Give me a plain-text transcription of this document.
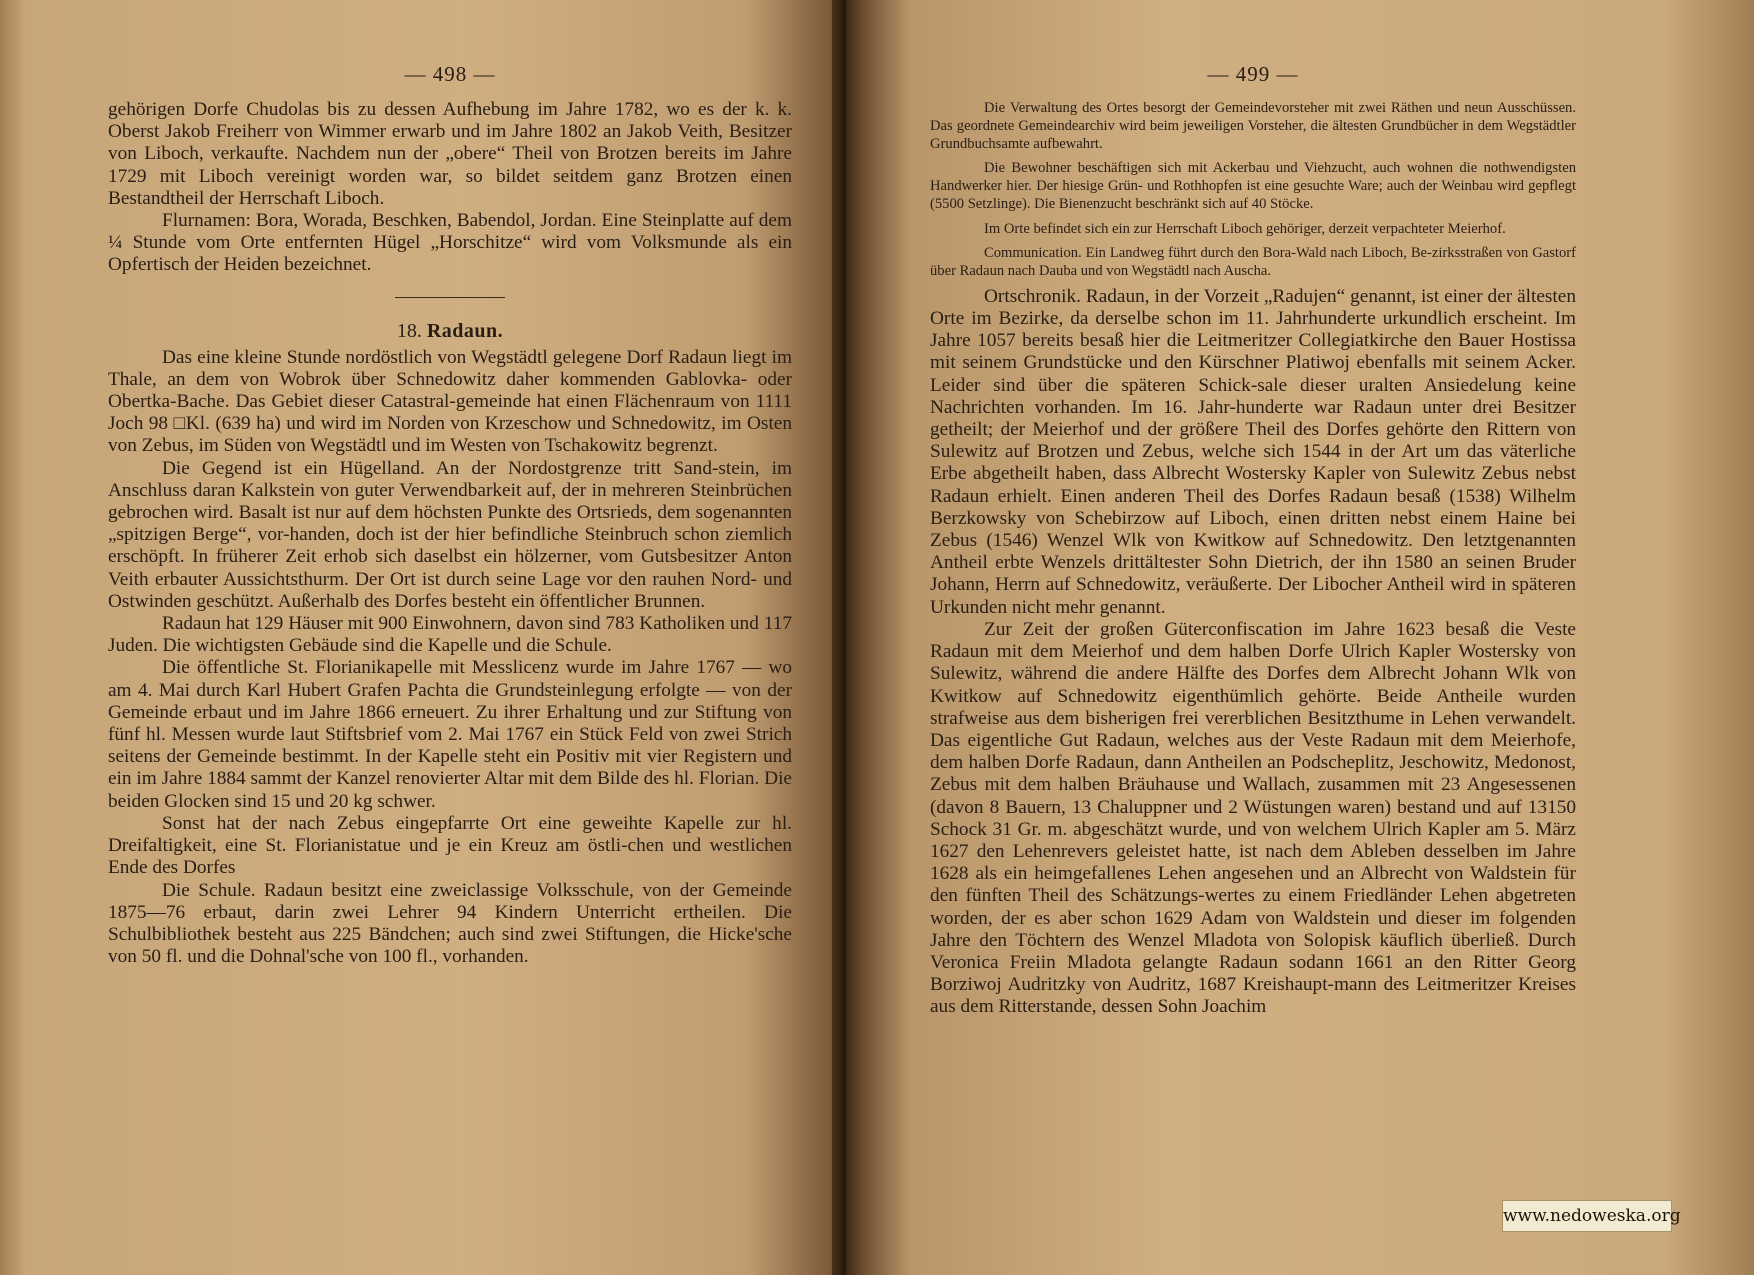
— 498 —

gehörigen Dorfe Chudolas bis zu dessen Aufhebung im Jahre 1782, wo es der k. k. Oberst Jakob Freiherr von Wimmer erwarb und im Jahre 1802 an Jakob Veith, Besitzer von Liboch, verkaufte. Nachdem nun der „obere“ Theil von Brotzen bereits im Jahre 1729 mit Liboch vereinigt worden war, so bildet seitdem ganz Brotzen einen Bestandtheil der Herrschaft Liboch.

Flurnamen: Bora, Worada, Beschken, Babendol, Jordan. Eine Steinplatte auf dem ¼ Stunde vom Orte entfernten Hügel „Horschitze“ wird vom Volksmunde als ein Opfertisch der Heiden bezeichnet.

18. Radaun.

Das eine kleine Stunde nordöstlich von Wegstädtl gelegene Dorf Radaun liegt im Thale, an dem von Wobrok über Schnedowitz daher kommenden Gablovka- oder Obertka-Bache. Das Gebiet dieser Catastral-gemeinde hat einen Flächenraum von 1111 Joch 98 □Kl. (639 ha) und wird im Norden von Krzeschow und Schnedowitz, im Osten von Zebus, im Süden von Wegstädtl und im Westen von Tschakowitz begrenzt.

Die Gegend ist ein Hügelland. An der Nordostgrenze tritt Sand-stein, im Anschluss daran Kalkstein von guter Verwendbarkeit auf, der in mehreren Steinbrüchen gebrochen wird. Basalt ist nur auf dem höchsten Punkte des Ortsrieds, dem sogenannten „spitzigen Berge“, vor-handen, doch ist der hier befindliche Steinbruch schon ziemlich erschöpft. In früherer Zeit erhob sich daselbst ein hölzerner, vom Gutsbesitzer Anton Veith erbauter Aussichtsthurm. Der Ort ist durch seine Lage vor den rauhen Nord- und Ostwinden geschützt. Außerhalb des Dorfes besteht ein öffentlicher Brunnen.

Radaun hat 129 Häuser mit 900 Einwohnern, davon sind 783 Katholiken und 117 Juden. Die wichtigsten Gebäude sind die Kapelle und die Schule.

Die öffentliche St. Florianikapelle mit Messlicenz wurde im Jahre 1767 — wo am 4. Mai durch Karl Hubert Grafen Pachta die Grundsteinlegung erfolgte — von der Gemeinde erbaut und im Jahre 1866 erneuert. Zu ihrer Erhaltung und zur Stiftung von fünf hl. Messen wurde laut Stiftsbrief vom 2. Mai 1767 ein Stück Feld von zwei Strich seitens der Gemeinde bestimmt. In der Kapelle steht ein Positiv mit vier Registern und ein im Jahre 1884 sammt der Kanzel renovierter Altar mit dem Bilde des hl. Florian. Die beiden Glocken sind 15 und 20 kg schwer.

Sonst hat der nach Zebus eingepfarrte Ort eine geweihte Kapelle zur hl. Dreifaltigkeit, eine St. Florianistatue und je ein Kreuz am östli-chen und westlichen Ende des Dorfes

Die Schule. Radaun besitzt eine zweiclassige Volksschule, von der Gemeinde 1875—76 erbaut, darin zwei Lehrer 94 Kindern Unterricht ertheilen. Die Schulbibliothek besteht aus 225 Bändchen; auch sind zwei Stiftungen, die Hicke'sche von 50 fl. und die Dohnal'sche von 100 fl., vorhanden.

— 499 —

Die Verwaltung des Ortes besorgt der Gemeindevorsteher mit zwei Räthen und neun Ausschüssen. Das geordnete Gemeindearchiv wird beim jeweiligen Vorsteher, die ältesten Grundbücher in dem Wegstädtler Grundbuchsamte aufbewahrt.

Die Bewohner beschäftigen sich mit Ackerbau und Viehzucht, auch wohnen die nothwendigsten Handwerker hier. Der hiesige Grün- und Rothhopfen ist eine gesuchte Ware; auch der Weinbau wird gepflegt (5500 Setzlinge). Die Bienenzucht beschränkt sich auf 40 Stöcke.

Im Orte befindet sich ein zur Herrschaft Liboch gehöriger, derzeit verpachteter Meierhof.

Communication. Ein Landweg führt durch den Bora-Wald nach Liboch, Be-zirksstraßen von Gastorf über Radaun nach Dauba und von Wegstädtl nach Auscha.

Ortschronik. Radaun, in der Vorzeit „Radujen“ genannt, ist einer der ältesten Orte im Bezirke, da derselbe schon im 11. Jahrhunderte urkundlich erscheint. Im Jahre 1057 bereits besaß hier die Leitmeritzer Collegiatkirche den Bauer Hostissa mit seinem Grundstücke und den Kürschner Platiwoj ebenfalls mit seinem Acker. Leider sind über die späteren Schick-sale dieser uralten Ansiedelung keine Nachrichten vorhanden. Im 16. Jahr-hunderte war Radaun unter drei Besitzer getheilt; der Meierhof und der größere Theil des Dorfes gehörte den Rittern von Sulewitz auf Brotzen und Zebus, welche sich 1544 in der Art um das väterliche Erbe abgetheilt haben, dass Albrecht Wostersky Kapler von Sulewitz Zebus nebst Radaun erhielt. Einen anderen Theil des Dorfes Radaun besaß (1538) Wilhelm Berzkowsky von Schebirzow auf Liboch, einen dritten nebst einem Haine bei Zebus (1546) Wenzel Wlk von Kwitkow auf Schnedowitz. Den letztgenannten Antheil erbte Wenzels drittältester Sohn Dietrich, der ihn 1580 an seinen Bruder Johann, Herrn auf Schnedowitz, veräußerte. Der Libocher Antheil wird in späteren Urkunden nicht mehr genannt.

Zur Zeit der großen Güterconfiscation im Jahre 1623 besaß die Veste Radaun mit dem Meierhof und dem halben Dorfe Ulrich Kapler Wostersky von Sulewitz, während die andere Hälfte des Dorfes dem Albrecht Johann Wlk von Kwitkow auf Schnedowitz eigenthümlich gehörte. Beide Antheile wurden strafweise aus dem bisherigen frei vererblichen Besitzthume in Lehen verwandelt. Das eigentliche Gut Radaun, welches aus der Veste Radaun mit dem Meierhofe, dem halben Dorfe Radaun, dann Antheilen an Podscheplitz, Jeschowitz, Medonost, Zebus mit dem halben Bräuhause und Wallach, zusammen mit 23 Angesessenen (davon 8 Bauern, 13 Chaluppner und 2 Wüstungen waren) bestand und auf 13150 Schock 31 Gr. m. abgeschätzt wurde, und von welchem Ulrich Kapler am 5. März 1627 den Lehenrevers geleistet hatte, ist nach dem Ableben desselben im Jahre 1628 als ein heimgefallenes Lehen angesehen und an Albrecht von Waldstein für den fünften Theil des Schätzungs-wertes zu einem Friedländer Lehen abgetreten worden, der es aber schon 1629 Adam von Waldstein und dieser im folgenden Jahre den Töchtern des Wenzel Mladota von Solopisk käuflich überließ. Durch Veronica Freiin Mladota gelangte Radaun sodann 1661 an den Ritter Georg Borziwoj Audritzky von Audritz, 1687 Kreishaupt-mann des Leitmeritzer Kreises aus dem Ritterstande, dessen Sohn Joachim

www.nedoweska.org
